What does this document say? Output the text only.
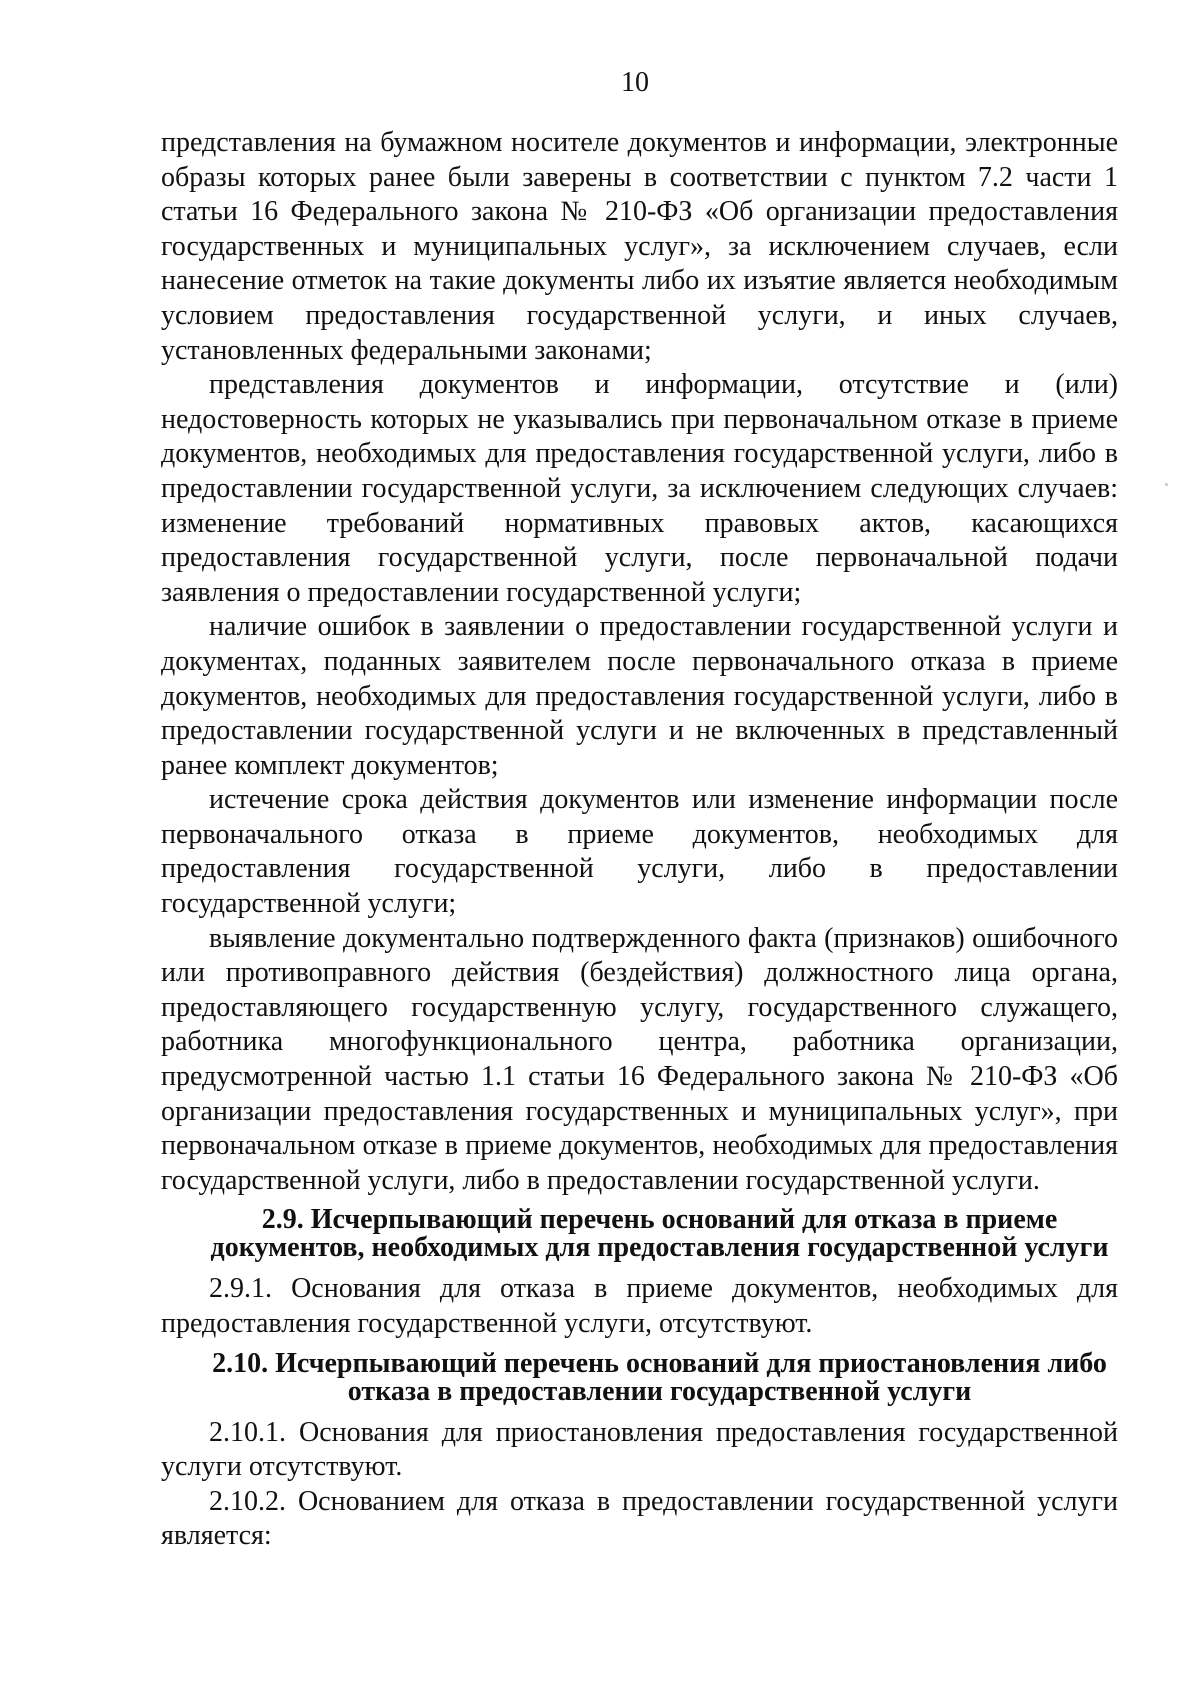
10

представления на бумажном носителе документов и информации, электронные образы которых ранее были заверены в соответствии с пунктом 7.2 части 1 статьи 16 Федерального закона № 210-ФЗ «Об организации предоставления государственных и муниципальных услуг», за исключением случаев, если нанесение отметок на такие документы либо их изъятие является необходимым условием предоставления государственной услуги, и иных случаев, установленных федеральными законами;

представления документов и информации, отсутствие и (или) недостоверность которых не указывались при первоначальном отказе в приеме документов, необходимых для предоставления государственной услуги, либо в предоставлении государственной услуги, за исключением следующих случаев: изменение требований нормативных правовых актов, касающихся предоставления государственной услуги, после первоначальной подачи заявления о предоставлении государственной услуги;

наличие ошибок в заявлении о предоставлении государственной услуги и документах, поданных заявителем после первоначального отказа в приеме документов, необходимых для предоставления государственной услуги, либо в предоставлении государственной услуги и не включенных в представленный ранее комплект документов;

истечение срока действия документов или изменение информации после первоначального отказа в приеме документов, необходимых для предоставления государственной услуги, либо в предоставлении государственной услуги;

выявление документально подтвержденного факта (признаков) ошибочного или противоправного действия (бездействия) должностного лица органа, предоставляющего государственную услугу, государственного служащего, работника многофункционального центра, работника организации, предусмотренной частью 1.1 статьи 16 Федерального закона № 210-ФЗ «Об организации предоставления государственных и муниципальных услуг», при первоначальном отказе в приеме документов, необходимых для предоставления государственной услуги, либо в предоставлении государственной услуги.

2.9. Исчерпывающий перечень оснований для отказа в приеме документов, необходимых для предоставления государственной услуги

2.9.1. Основания для отказа в приеме документов, необходимых для предоставления государственной услуги, отсутствуют.

2.10. Исчерпывающий перечень оснований для приостановления либо отказа в предоставлении государственной услуги

2.10.1. Основания для приостановления предоставления государственной услуги отсутствуют.

2.10.2. Основанием для отказа в предоставлении государственной услуги является:
